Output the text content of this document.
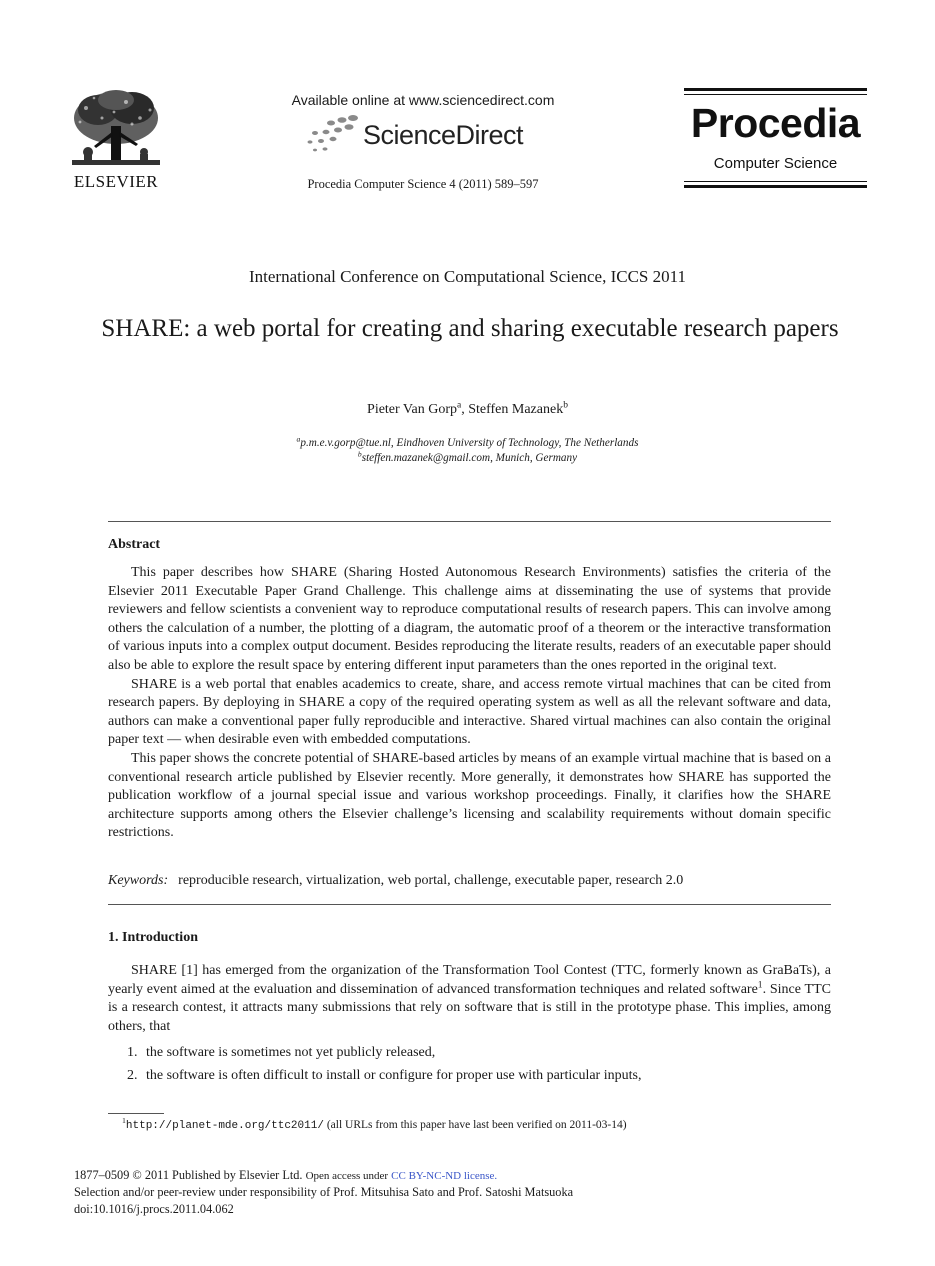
ELSEVIER
Available online at www.sciencedirect.com
ScienceDirect
Procedia Computer Science 4 (2011) 589–597
Procedia
Computer Science
International Conference on Computational Science, ICCS 2011
SHARE: a web portal for creating and sharing executable research papers
Pieter Van Gorp$^a$, Steffen Mazanek$^b$
$^a$p.m.e.v.gorp@tue.nl, Eindhoven University of Technology, The Netherlands
$^b$steffen.mazanek@gmail.com, Munich, Germany
Abstract

This paper describes how SHARE (Sharing Hosted Autonomous Research Environments) satisfies the criteria of the Elsevier 2011 Executable Paper Grand Challenge. This challenge aims at disseminating the use of systems that provide reviewers and fellow scientists a convenient way to reproduce computational results of research papers. This can involve among others the calculation of a number, the plotting of a diagram, the automatic proof of a theorem or the interactive transformation of various inputs into a complex output document. Besides reproducing the literate results, readers of an executable paper should also be able to explore the result space by entering different input parameters than the ones reported in the original text.

SHARE is a web portal that enables academics to create, share, and access remote virtual machines that can be cited from research papers. By deploying in SHARE a copy of the required operating system as well as all the relevant software and data, authors can make a conventional paper fully reproducible and interactive. Shared virtual machines can also contain the original paper text — when desirable even with embedded computations.

This paper shows the concrete potential of SHARE-based articles by means of an example virtual machine that is based on a conventional research article published by Elsevier recently. More generally, it demonstrates how SHARE has supported the publication workflow of a journal special issue and various workshop proceedings. Finally, it clarifies how the SHARE architecture supports among others the Elsevier challenge’s licensing and scalability requirements without domain specific restrictions.

Keywords: reproducible research, virtualization, web portal, challenge, executable paper, research 2.0
1. Introduction

SHARE [1] has emerged from the organization of the Transformation Tool Contest (TTC, formerly known as GraBaTs), a yearly event aimed at the evaluation and dissemination of advanced transformation techniques and related software$^1$. Since TTC is a research contest, it attracts many submissions that rely on software that is still in the prototype phase. This implies, among others, that

1. the software is sometimes not yet publicly released,
2. the software is often difficult to install or configure for proper use with particular inputs,
$^1$http://planet-mde.org/ttc2011/ (all URLs from this paper have last been verified on 2011-03-14)
1877–0509 © 2011 Published by Elsevier Ltd. Open access under CC BY-NC-ND license.
Selection and/or peer-review under responsibility of Prof. Mitsuhisa Sato and Prof. Satoshi Matsuoka
doi:10.1016/j.procs.2011.04.062
